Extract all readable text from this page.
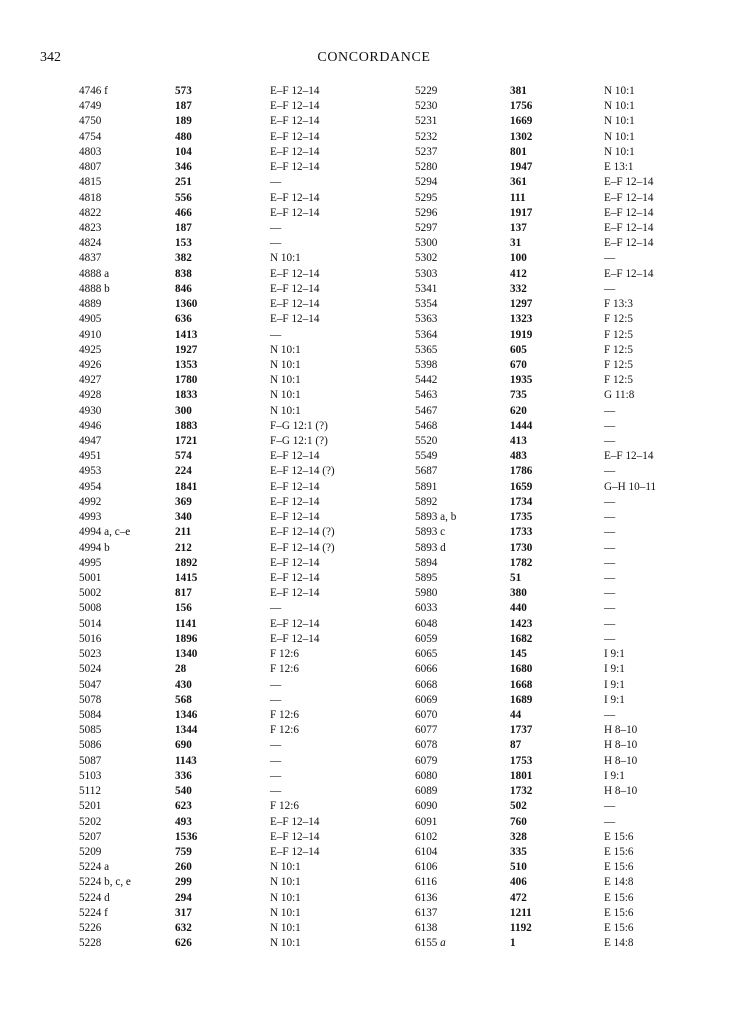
342	CONCORDANCE
4746 f	573	E–F 12–14
4749	187	E–F 12–14
4750	189	E–F 12–14
4754	480	E–F 12–14
4803	104	E–F 12–14
4807	346	E–F 12–14
4815	251	—
4818	556	E–F 12–14
4822	466	E–F 12–14
4823	187	—
4824	153	—
4837	382	N 10:1
4888 a	838	E–F 12–14
4888 b	846	E–F 12–14
4889	1360	E–F 12–14
4905	636	E–F 12–14
4910	1413	—
4925	1927	N 10:1
4926	1353	N 10:1
4927	1780	N 10:1
4928	1833	N 10:1
4930	300	N 10:1
4946	1883	F–G 12:1 (?)
4947	1721	F–G 12:1 (?)
4951	574	E–F 12–14
4953	224	E–F 12–14 (?)
4954	1841	E–F 12–14
4992	369	E–F 12–14
4993	340	E–F 12–14
4994 a, c–e	211	E–F 12–14 (?)
4994 b	212	E–F 12–14 (?)
4995	1892	E–F 12–14
5001	1415	E–F 12–14
5002	817	E–F 12–14
5008	156	—
5014	1141	E–F 12–14
5016	1896	E–F 12–14
5023	1340	F 12:6
5024	28	F 12:6
5047	430	—
5078	568	—
5084	1346	F 12:6
5085	1344	F 12:6
5086	690	—
5087	1143	—
5103	336	—
5112	540	—
5201	623	F 12:6
5202	493	E–F 12–14
5207	1536	E–F 12–14
5209	759	E–F 12–14
5224 a	260	N 10:1
5224 b, c, e	299	N 10:1
5224 d	294	N 10:1
5224 f	317	N 10:1
5226	632	N 10:1
5228	626	N 10:1
5229	381	N 10:1
5230	1756	N 10:1
5231	1669	N 10:1
5232	1302	N 10:1
5237	801	N 10:1
5280	1947	E 13:1
5294	361	E–F 12–14
5295	111	E–F 12–14
5296	1917	E–F 12–14
5297	137	E–F 12–14
5300	31	E–F 12–14
5302	100	—
5303	412	E–F 12–14
5341	332	—
5354	1297	F 13:3
5363	1323	F 12:5
5364	1919	F 12:5
5365	605	F 12:5
5398	670	F 12:5
5442	1935	F 12:5
5463	735	G 11:8
5467	620	—
5468	1444	—
5520	413	—
5549	483	E–F 12–14
5687	1786	—
5891	1659	G–H 10–11
5892	1734	—
5893 a, b	1735	—
5893 c	1733	—
5893 d	1730	—
5894	1782	—
5895	51	—
5980	380	—
6033	440	—
6048	1423	—
6059	1682	—
6065	145	I 9:1
6066	1680	I 9:1
6068	1668	I 9:1
6069	1689	I 9:1
6070	44	—
6077	1737	H 8–10
6078	87	H 8–10
6079	1753	H 8–10
6080	1801	I 9:1
6089	1732	H 8–10
6090	502	—
6091	760	—
6102	328	E 15:6
6104	335	E 15:6
6106	510	E 15:6
6116	406	E 14:8
6136	472	E 15:6
6137	1211	E 15:6
6138	1192	E 15:6
6155 a	1	E 14:8
